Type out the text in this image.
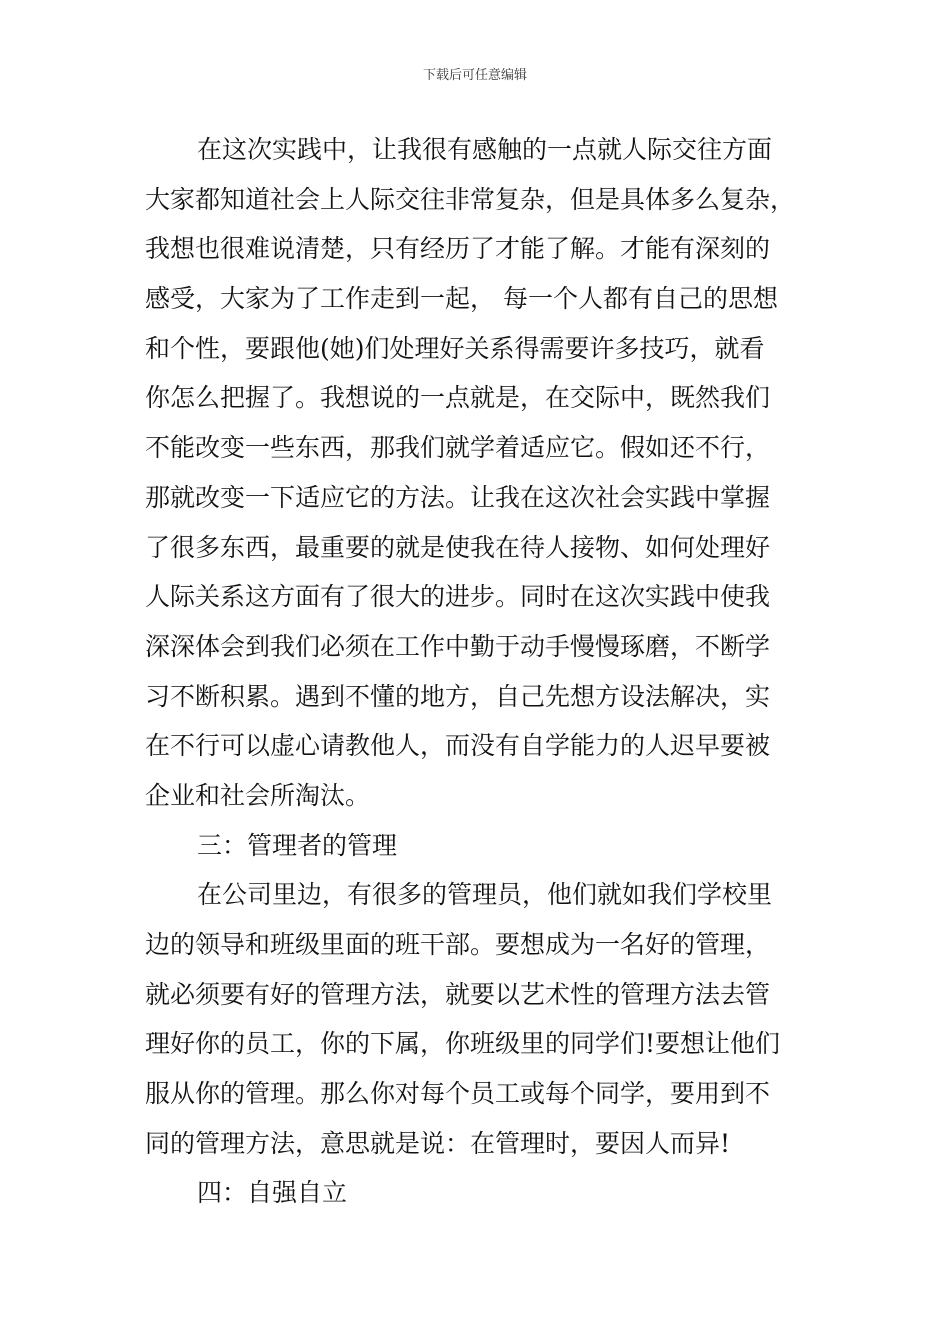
下载后可任意编辑
在这次实践中，让我很有感触的一点就人际交往方面
大家都知道社会上人际交往非常复杂，但是具体多么复杂，
我想也很难说清楚，只有经历了才能了解。才能有深刻的
感受，大家为了工作走到一起， 每一个人都有自己的思想
和个性，要跟他(她)们处理好关系得需要许多技巧，就看
你怎么把握了。我想说的一点就是，在交际中，既然我们
不能改变一些东西，那我们就学着适应它。假如还不行，
那就改变一下适应它的方法。让我在这次社会实践中掌握
了很多东西，最重要的就是使我在待人接物、如何处理好
人际关系这方面有了很大的进步。同时在这次实践中使我
深深体会到我们必须在工作中勤于动手慢慢琢磨，不断学
习不断积累。遇到不懂的地方，自己先想方设法解决，实
在不行可以虚心请教他人，而没有自学能力的人迟早要被
企业和社会所淘汰。
三：管理者的管理
在公司里边，有很多的管理员，他们就如我们学校里
边的领导和班级里面的班干部。要想成为一名好的管理，
就必须要有好的管理方法，就要以艺术性的管理方法去管
理好你的员工，你的下属，你班级里的同学们!要想让他们
服从你的管理。那么你对每个员工或每个同学，要用到不
同的管理方法，意思就是说：在管理时，要因人而异!
四：自强自立
